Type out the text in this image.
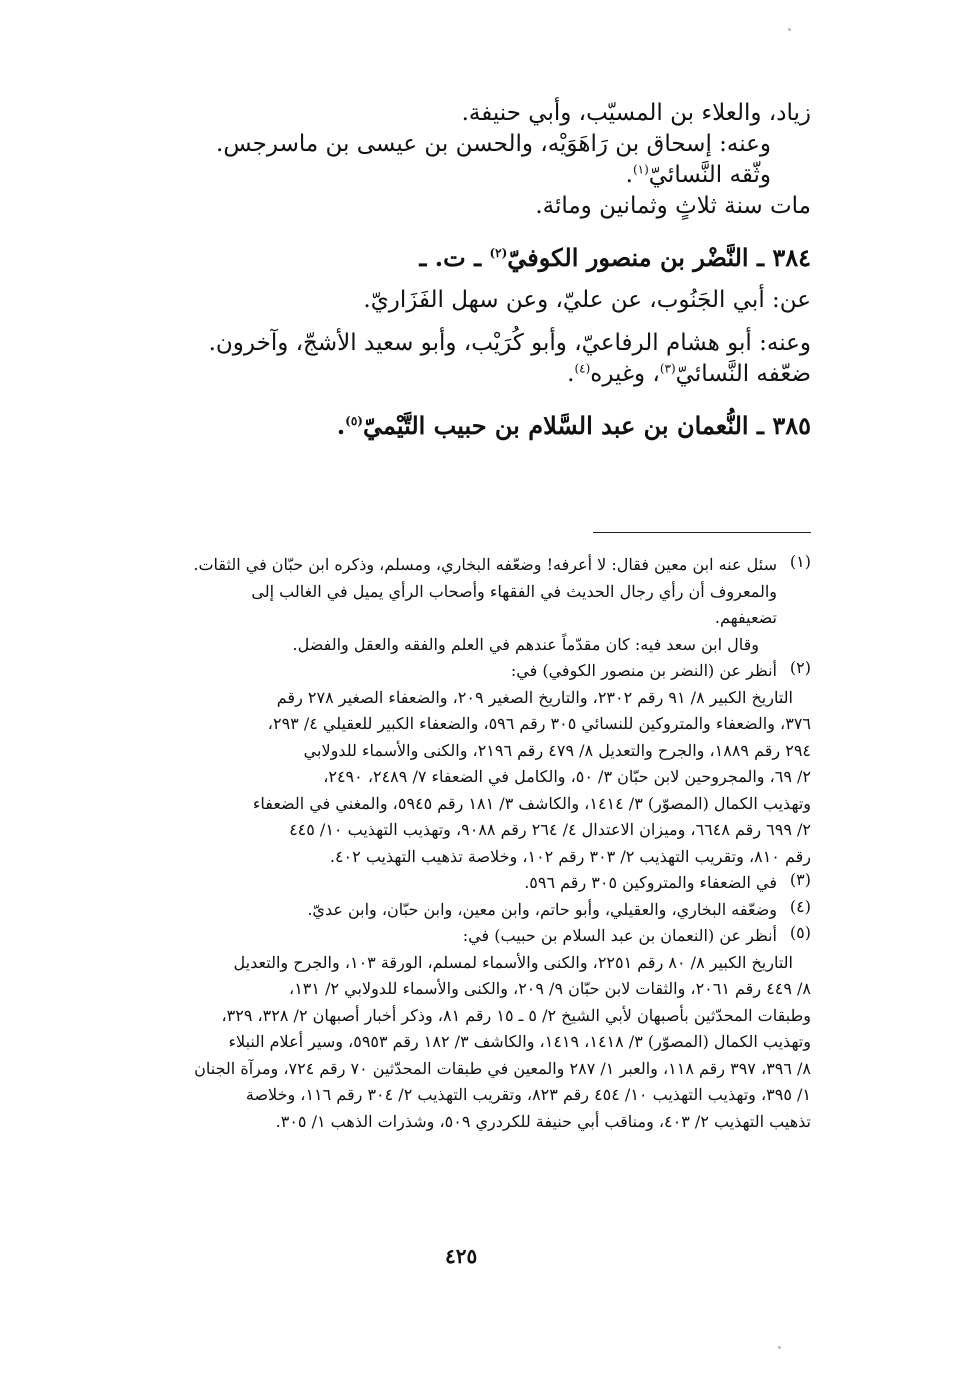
زياد، والعلاء بن المسيّب، وأبي حنيفة.
وعنه: إسحاق بن رَاهَوَيْه، والحسن بن عيسى بن ماسرجس.
وثّقه النَّسائيّ$^{(١)}$.
مات سنة ثلاثٍ وثمانين ومائة.
٣٨٤ ـ النَّضْر بن منصور الكوفيّ$^{(٢)}$ ـ ت. ـ
عن: أبي الجَنُوب، عن عليّ، وعن سهل الفَزَاريّ.
وعنه: أبو هشام الرفاعيّ، وأبو كُرَيْب، وأبو سعيد الأشجّ، وآخرون.
ضعّفه النَّسائيّ$^{(٣)}$، وغيره$^{(٤)}$.
٣٨٥ ـ النُّعمان بن عبد السَّلام بن حبيب التَّيْميّ$^{(٥)}$.
(١)
سئل عنه ابن معين فقال: لا أعرفه! وضعّفه البخاري، ومسلم، وذكره ابن حبّان في الثقات.
والمعروف أن رأي رجال الحديث في الفقهاء وأصحاب الرأي يميل في الغالب إلى
تضعيفهم.
وقال ابن سعد فيه: كان مقدّماً عندهم في العلم والفقه والعقل والفضل.
(٢)
أنظر عن (النضر بن منصور الكوفي) في:
التاريخ الكبير ٨/ ٩١ رقم ٢٣٠٢، والتاريخ الصغير ٢٠٩، والضعفاء الصغير ٢٧٨ رقم
٣٧٦، والضعفاء والمتروكين للنسائي ٣٠٥ رقم ٥٩٦، والضعفاء الكبير للعقيلي ٤/ ٢٩٣،
٢٩٤ رقم ١٨٨٩، والجرح والتعديل ٨/ ٤٧٩ رقم ٢١٩٦، والكنى والأسماء للدولابي
٢/ ٦٩، والمجروحين لابن حبّان ٣/ ٥٠، والكامل في الضعفاء ٧/ ٢٤٨٩، ٢٤٩٠،
وتهذيب الكمال (المصوّر) ٣/ ١٤١٤، والكاشف ٣/ ١٨١ رقم ٥٩٤٥، والمغني في الضعفاء
٢/ ٦٩٩ رقم ٦٦٤٨، وميزان الاعتدال ٤/ ٢٦٤ رقم ٩٠٨٨، وتهذيب التهذيب ١٠/ ٤٤٥
رقم ٨١٠، وتقريب التهذيب ٢/ ٣٠٣ رقم ١٠٢، وخلاصة تذهيب التهذيب ٤٠٢.
(٣)
في الضعفاء والمتروكين ٣٠٥ رقم ٥٩٦.
(٤)
وضعّفه البخاري، والعقيلي، وأبو حاتم، وابن معين، وابن حبّان، وابن عديّ.
(٥)
أنظر عن (النعمان بن عبد السلام بن حبيب) في:
التاريخ الكبير ٨/ ٨٠ رقم ٢٢٥١، والكنى والأسماء لمسلم، الورقة ١٠٣، والجرح والتعديل
٨/ ٤٤٩ رقم ٢٠٦١، والثقات لابن حبّان ٩/ ٢٠٩، والكنى والأسماء للدولابي ٢/ ١٣١،
وطبقات المحدّثين بأصبهان لأبي الشيخ ٢/ ٥ ـ ١٥ رقم ٨١، وذكر أخبار أصبهان ٢/ ٣٢٨، ٣٢٩،
وتهذيب الكمال (المصوّر) ٣/ ١٤١٨، ١٤١٩، والكاشف ٣/ ١٨٢ رقم ٥٩٥٣، وسير أعلام النبلاء
٨/ ٣٩٦، ٣٩٧ رقم ١١٨، والعبر ١/ ٢٨٧ والمعين في طبقات المحدّثين ٧٠ رقم ٧٢٤، ومرآة الجنان
١/ ٣٩٥، وتهذيب التهذيب ١٠/ ٤٥٤ رقم ٨٢٣، وتقريب التهذيب ٢/ ٣٠٤ رقم ١١٦، وخلاصة
تذهيب التهذيب ٢/ ٤٠٣، ومناقب أبي حنيفة للكردري ٥٠٩، وشذرات الذهب ١/ ٣٠٥.
٤٢٥
